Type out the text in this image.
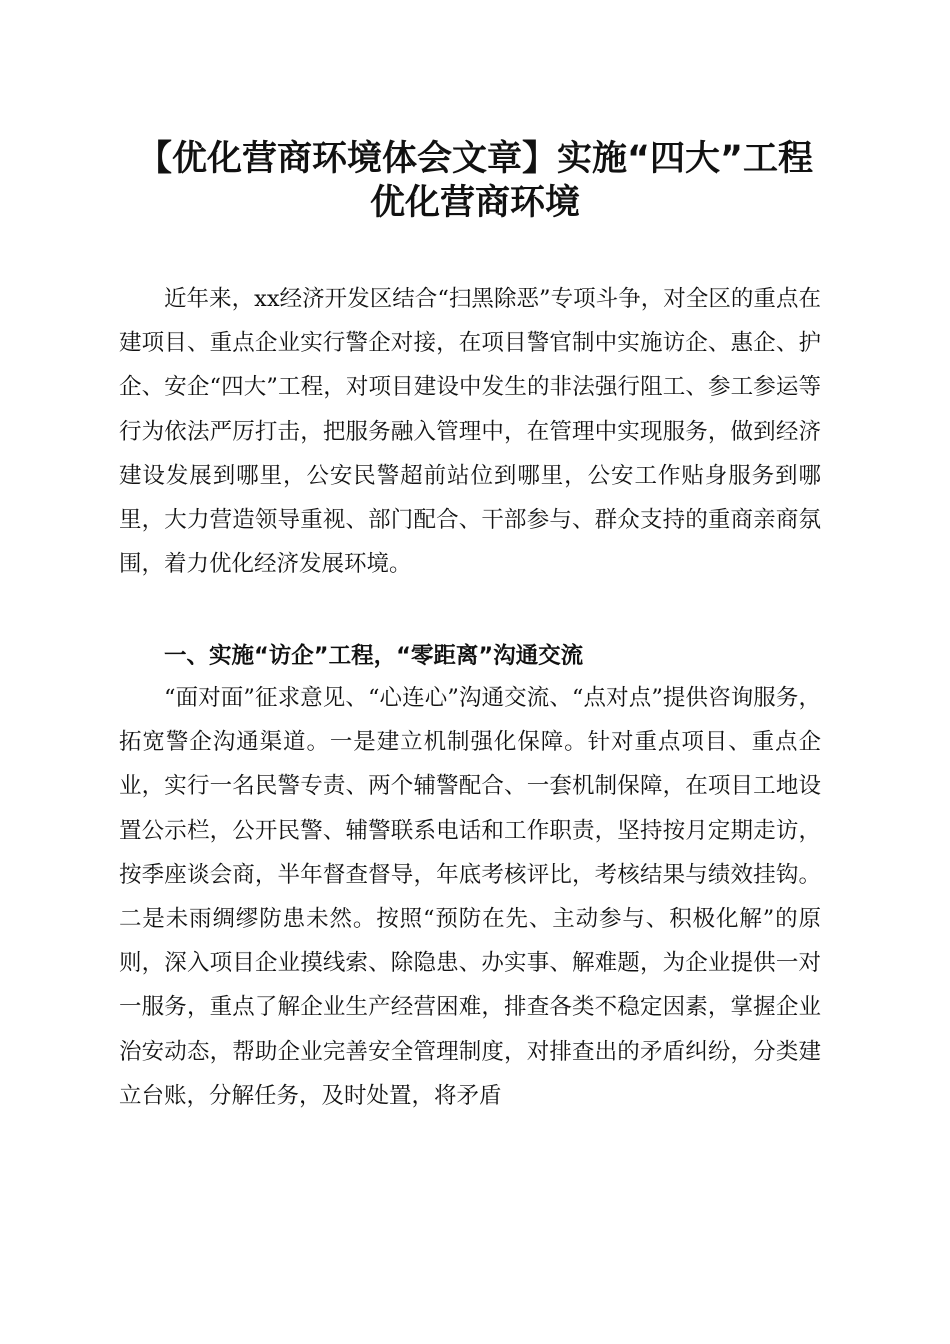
【优化营商环境体会文章】实施“四大”工程
优化营商环境

近年来，xx经济开发区结合“扫黑除恶”专项斗争，对全区的重点在建项目、重点企业实行警企对接，在项目警官制中实施访企、惠企、护企、安企“四大”工程，对项目建设中发生的非法强行阻工、参工参运等行为依法严厉打击，把服务融入管理中，在管理中实现服务，做到经济建设发展到哪里，公安民警超前站位到哪里，公安工作贴身服务到哪里，大力营造领导重视、部门配合、干部参与、群众支持的重商亲商氛围，着力优化经济发展环境。

一、实施“访企”工程，“零距离”沟通交流

“面对面”征求意见、“心连心”沟通交流、“点对点”提供咨询服务，拓宽警企沟通渠道。一是建立机制强化保障。针对重点项目、重点企业，实行一名民警专责、两个辅警配合、一套机制保障，在项目工地设置公示栏，公开民警、辅警联系电话和工作职责，坚持按月定期走访，按季座谈会商，半年督查督导，年底考核评比，考核结果与绩效挂钩。二是未雨绸缪防患未然。按照“预防在先、主动参与、积极化解”的原则，深入项目企业摸线索、除隐患、办实事、解难题，为企业提供一对一服务，重点了解企业生产经营困难，排查各类不稳定因素，掌握企业治安动态，帮助企业完善安全管理制度，对排查出的矛盾纠纷，分类建立台账，分解任务，及时处置，将矛盾
